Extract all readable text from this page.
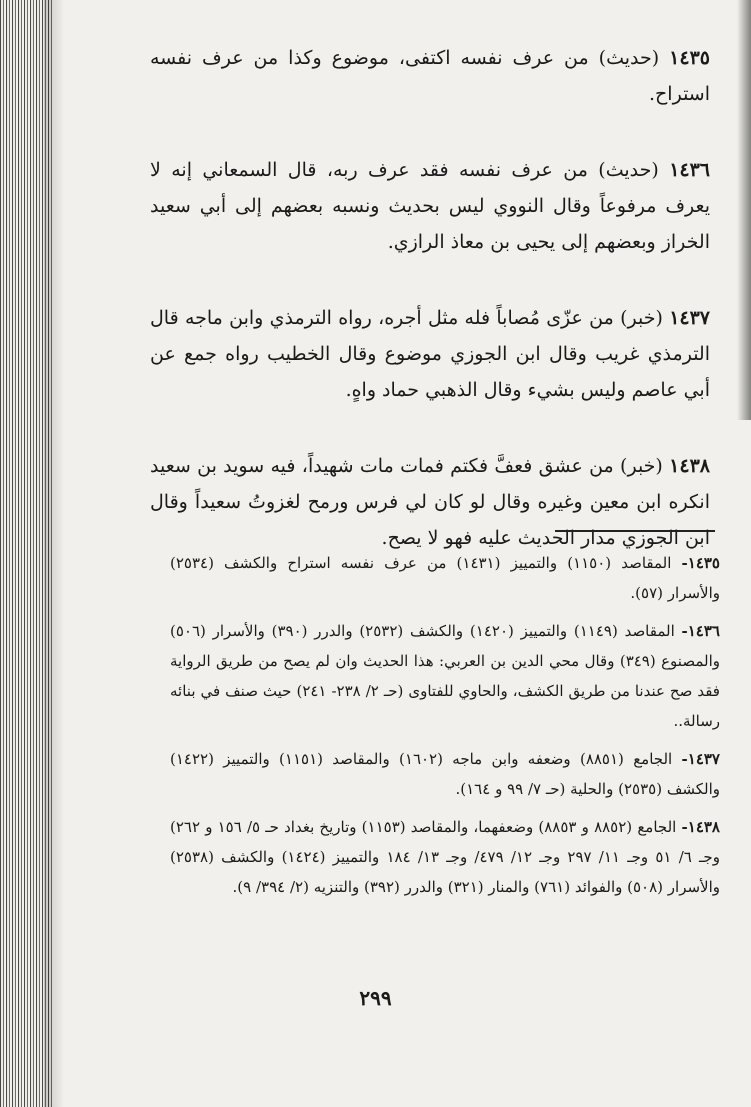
١٤٣٥ (حديث) من عرف نفسه اكتفى، موضوع وكذا من عرف نفسه استراح.

١٤٣٦ (حديث) من عرف نفسه فقد عرف ربه، قال السمعاني إنه لا يعرف مرفوعاً وقال النووي ليس بحديث ونسبه بعضهم إلى أبي سعيد الخراز وبعضهم إلى يحيى بن معاذ الرازي.

١٤٣٧ (خبر) من عزّى مُصاباً فله مثل أجره، رواه الترمذي وابن ماجه قال الترمذي غريب وقال ابن الجوزي موضوع وقال الخطيب رواه جمع عن أبي عاصم وليس بشيء وقال الذهبي حماد واهٍ.

١٤٣٨ (خبر) من عشق فعفَّ فكتم فمات مات شهيداً، فيه سويد بن سعيد انكره ابن معين وغيره وقال لو كان لي فرس ورمح لغزوتُ سعيداً وقال ابن الجوزي مدار الحديث عليه فهو لا يصح.

١٤٣٥- المقاصد (١١٥٠) والتمييز (١٤٣١) من عرف نفسه استراح والكشف (٢٥٣٤) والأسرار (٥٧).

١٤٣٦- المقاصد (١١٤٩) والتمييز (١٤٢٠) والكشف (٢٥٣٢) والدرر (٣٩٠) والأسرار (٥٠٦) والمصنوع (٣٤٩) وقال محي الدين بن العربي: هذا الحديث وان لم يصح من طريق الرواية فقد صح عندنا من طريق الكشف، والحاوي للفتاوى (حـ ٢/ ٢٣٨- ٢٤١) حيث صنف في بنائه رسالة..

١٤٣٧- الجامع (٨٨٥١) وضعفه وابن ماجه (١٦٠٢) والمقاصد (١١٥١) والتمييز (١٤٢٢) والكشف (٢٥٣٥) والحلية (حـ ٧/ ٩٩ و ١٦٤).

١٤٣٨- الجامع (٨٨٥٢ و ٨٨٥٣) وضعفهما، والمقاصد (١١٥٣) وتاريخ بغداد حـ ٥/ ١٥٦ و ٢٦٢) وجـ ٦/ ٥١ وجـ ١١/ ٢٩٧ وجـ ١٢/ ٤٧٩/ وجـ ١٣/ ١٨٤ والتمييز (١٤٢٤) والكشف (٢٥٣٨) والأسرار (٥٠٨) والفوائد (٧٦١) والمنار (٣٢١) والدرر (٣٩٢) والتنزيه (٢/ ٣٩٤/ ٩).

٢٩٩
